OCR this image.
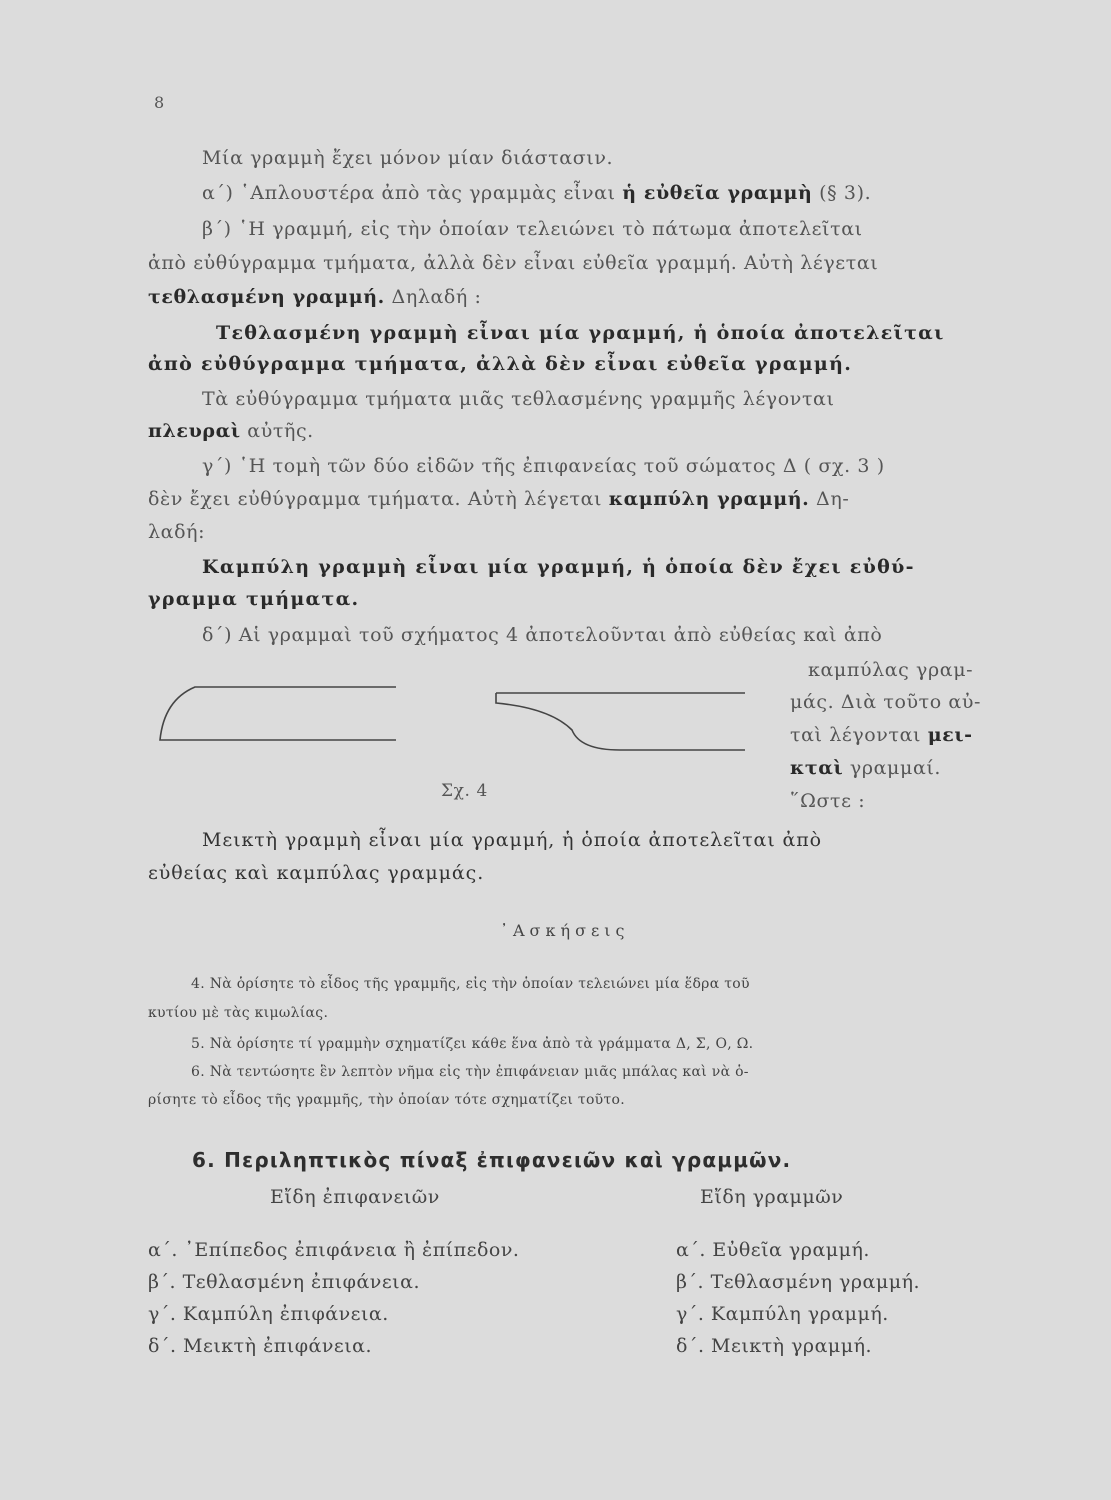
8
Μία γραμμὴ ἔχει μόνον μίαν διάστασιν.
α΄) ῾Απλουστέρα ἀπὸ τὰς γραμμὰς εἶναι ἡ εὐθεῖα γραμμὴ (§ 3).
β΄) ῾Η γραμμή, εἰς τὴν ὁποίαν τελειώνει τὸ πάτωμα ἀποτελεῖται
ἀπὸ εὐθύγραμμα τμήματα, ἀλλὰ δὲν εἶναι εὐθεῖα γραμμή. Αὐτὴ λέγεται
τεθλασμένη γραμμή. Δηλαδή :
Τεθλασμένη γραμμὴ εἶναι μία γραμμή, ἡ ὁποία ἀποτελεῖται
ἀπὸ εὐθύγραμμα τμήματα, ἀλλὰ δὲν εἶναι εὐθεῖα γραμμή.
Τὰ εὐθύγραμμα τμήματα μιᾶς τεθλασμένης γραμμῆς λέγονται
πλευραὶ αὐτῆς.
γ΄) ῾Η τομὴ τῶν δύο εἰδῶν τῆς ἐπιφανείας τοῦ σώματος Δ ( σχ. 3 )
δὲν ἔχει εὐθύγραμμα τμήματα. Αὐτὴ λέγεται καμπύλη γραμμή. Δη-
λαδή:
Καμπύλη γραμμὴ εἶναι μία γραμμή, ἡ ὁποία δὲν ἔχει εὐθύ-
γραμμα τμήματα.
δ΄) Αἱ γραμμαὶ τοῦ σχήματος 4 ἀποτελοῦνται ἀπὸ εὐθείας καὶ ἀπὸ
καμπύλας γραμ-
μάς. Διὰ τοῦτο αὐ-
ταὶ λέγονται μει-
κταὶ γραμμαί.
῞Ωστε :
Σχ. 4
Μεικτὴ γραμμὴ εἶναι μία γραμμή, ἡ ὁποία ἀποτελεῖται ἀπὸ
εὐθείας καὶ καμπύλας γραμμάς.
᾿Ασκήσεις
4. Νὰ ὁρίσητε τὸ εἶδος τῆς γραμμῆς, εἰς τὴν ὁποίαν τελειώνει μία ἕδρα τοῦ
κυτίου μὲ τὰς κιμωλίας.
5. Νὰ ὁρίσητε τί γραμμὴν σχηματίζει κάθε ἕνα ἀπὸ τὰ γράμματα Δ, Σ, Ο, Ω.
6. Νὰ τεντώσητε ἓν λεπτὸν νῆμα εἰς τὴν ἐπιφάνειαν μιᾶς μπάλας καὶ νὰ ὁ-
ρίσητε τὸ εἶδος τῆς γραμμῆς, τὴν ὁποίαν τότε σχηματίζει τοῦτο.
6. Περιληπτικὸς πίναξ ἐπιφανειῶν καὶ γραμμῶν.
Εἴδη ἐπιφανειῶν	Εἴδη γραμμῶν
α΄. ᾿Επίπεδος ἐπιφάνεια ἢ ἐπίπεδον.
β΄. Τεθλασμένη ἐπιφάνεια.
γ΄. Καμπύλη ἐπιφάνεια.
δ΄. Μεικτὴ ἐπιφάνεια.
α΄. Εὐθεῖα γραμμή.
β΄. Τεθλασμένη γραμμή.
γ΄. Καμπύλη γραμμή.
δ΄. Μεικτὴ γραμμή.
